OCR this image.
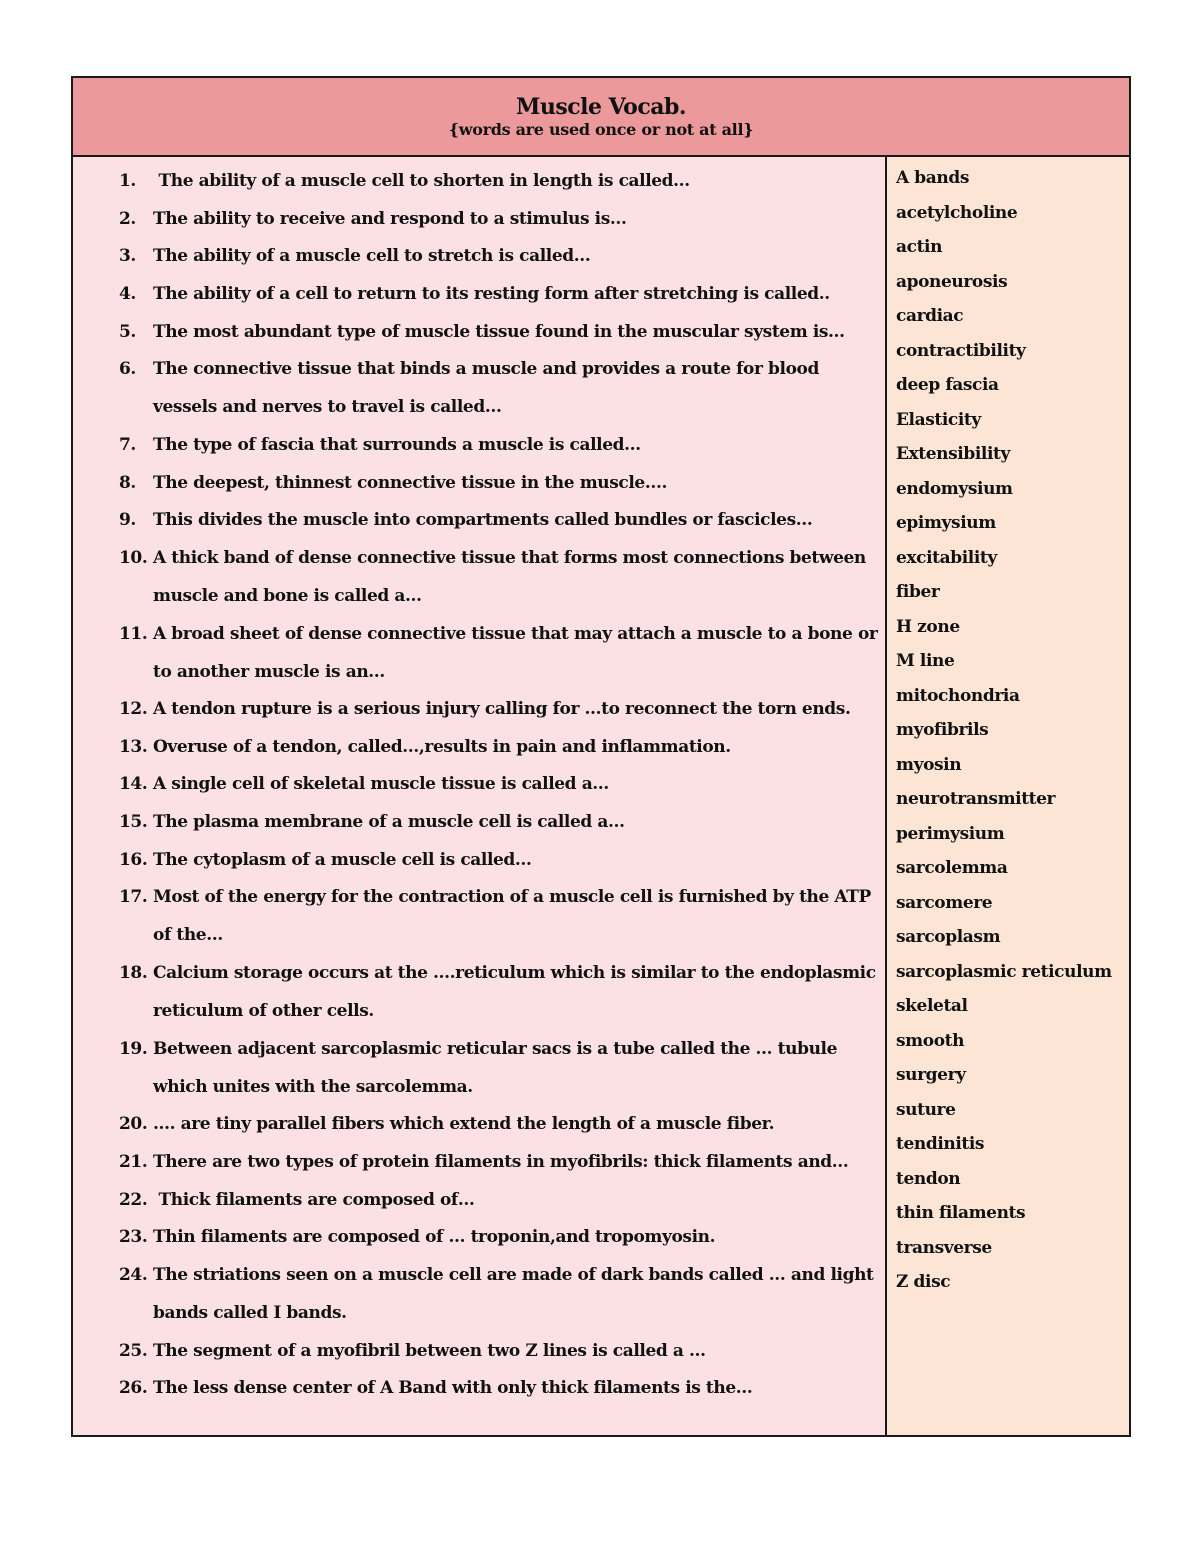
Muscle Vocab.
{words are used once or not at all}
1. The ability of a muscle cell to shorten in length is called…
2. The ability to receive and respond to a stimulus is…
3. The ability of a muscle cell to stretch is called…
4. The ability of a cell to return to its resting form after stretching is called..
5. The most abundant type of muscle tissue found in the muscular system is…
6. The connective tissue that binds a muscle and provides a route for blood
vessels and nerves to travel is called…
7. The type of fascia that surrounds a muscle is called…
8. The deepest, thinnest connective tissue in the muscle….
9. This divides the muscle into compartments called bundles or fascicles…
10. A thick band of dense connective tissue that forms most connections between
muscle and bone is called a…
11. A broad sheet of dense connective tissue that may attach a muscle to a bone or
to another muscle is an…
12. A tendon rupture is a serious injury calling for …to reconnect the torn ends.
13. Overuse of a tendon, called…,results in pain and inflammation.
14. A single cell of skeletal muscle tissue is called a…
15. The plasma membrane of a muscle cell is called a…
16. The cytoplasm of a muscle cell is called…
17. Most of the energy for the contraction of a muscle cell is furnished by the ATP
of the…
18. Calcium storage occurs at the ….reticulum which is similar to the endoplasmic
reticulum of other cells.
19. Between adjacent sarcoplasmic reticular sacs is a tube called the … tubule
which unites with the sarcolemma.
20. …. are tiny parallel fibers which extend the length of a muscle fiber.
21. There are two types of protein filaments in myofibrils: thick filaments and…
22. Thick filaments are composed of…
23. Thin filaments are composed of … troponin,and tropomyosin.
24. The striations seen on a muscle cell are made of dark bands called … and light
bands called I bands.
25. The segment of a myofibril between two Z lines is called a …
26. The less dense center of A Band with only thick filaments is the…
A bands
acetylcholine
actin
aponeurosis
cardiac
contractibility
deep fascia
Elasticity
Extensibility
endomysium
epimysium
excitability
fiber
H zone
M line
mitochondria
myofibrils
myosin
neurotransmitter
perimysium
sarcolemma
sarcomere
sarcoplasm
sarcoplasmic reticulum
skeletal
smooth
surgery
suture
tendinitis
tendon
thin filaments
transverse
Z disc
